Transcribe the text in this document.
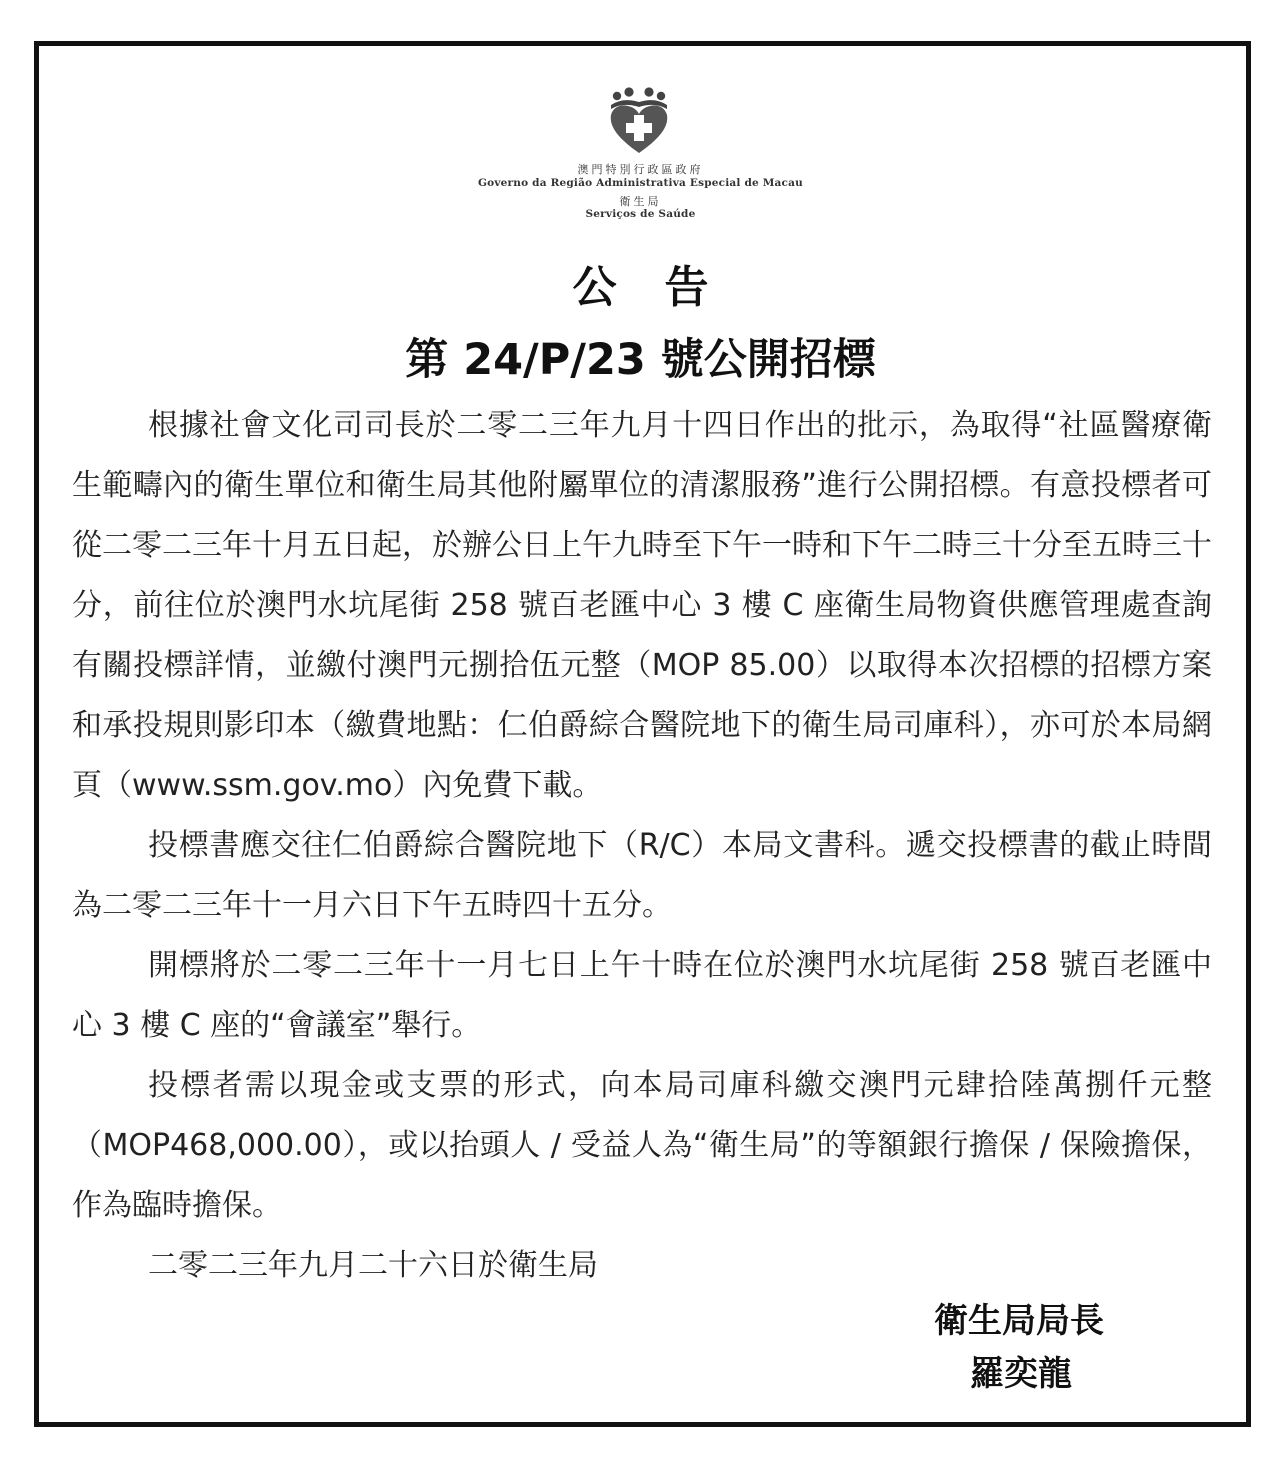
澳門特別行政區政府
Governo da Região Administrativa Especial de Macau
衛生局
Serviços de Saúde
公告
第 24/P/23 號公開招標

根據社會文化司司長於二零二三年九月十四日作出的批示，為取得“社區醫療衛生範疇內的衛生單位和衛生局其他附屬單位的清潔服務”進行公開招標。有意投標者可從二零二三年十月五日起，於辦公日上午九時至下午一時和下午二時三十分至五時三十分，前往位於澳門水坑尾街 258 號百老匯中心 3 樓 C 座衛生局物資供應管理處查詢有關投標詳情，並繳付澳門元捌拾伍元整（MOP 85.00）以取得本次招標的招標方案和承投規則影印本（繳費地點：仁伯爵綜合醫院地下的衛生局司庫科），亦可於本局網頁（www.ssm.gov.mo）內免費下載。

投標書應交往仁伯爵綜合醫院地下（R/C）本局文書科。遞交投標書的截止時間為二零二三年十一月六日下午五時四十五分。

開標將於二零二三年十一月七日上午十時在位於澳門水坑尾街 258 號百老匯中心 3 樓 C 座的“會議室”舉行。

投標者需以現金或支票的形式，向本局司庫科繳交澳門元肆拾陸萬捌仟元整（MOP468,000.00），或以抬頭人 / 受益人為“衛生局”的等額銀行擔保 / 保險擔保，作為臨時擔保。

二零二三年九月二十六日於衛生局

衛生局局長
羅奕龍
